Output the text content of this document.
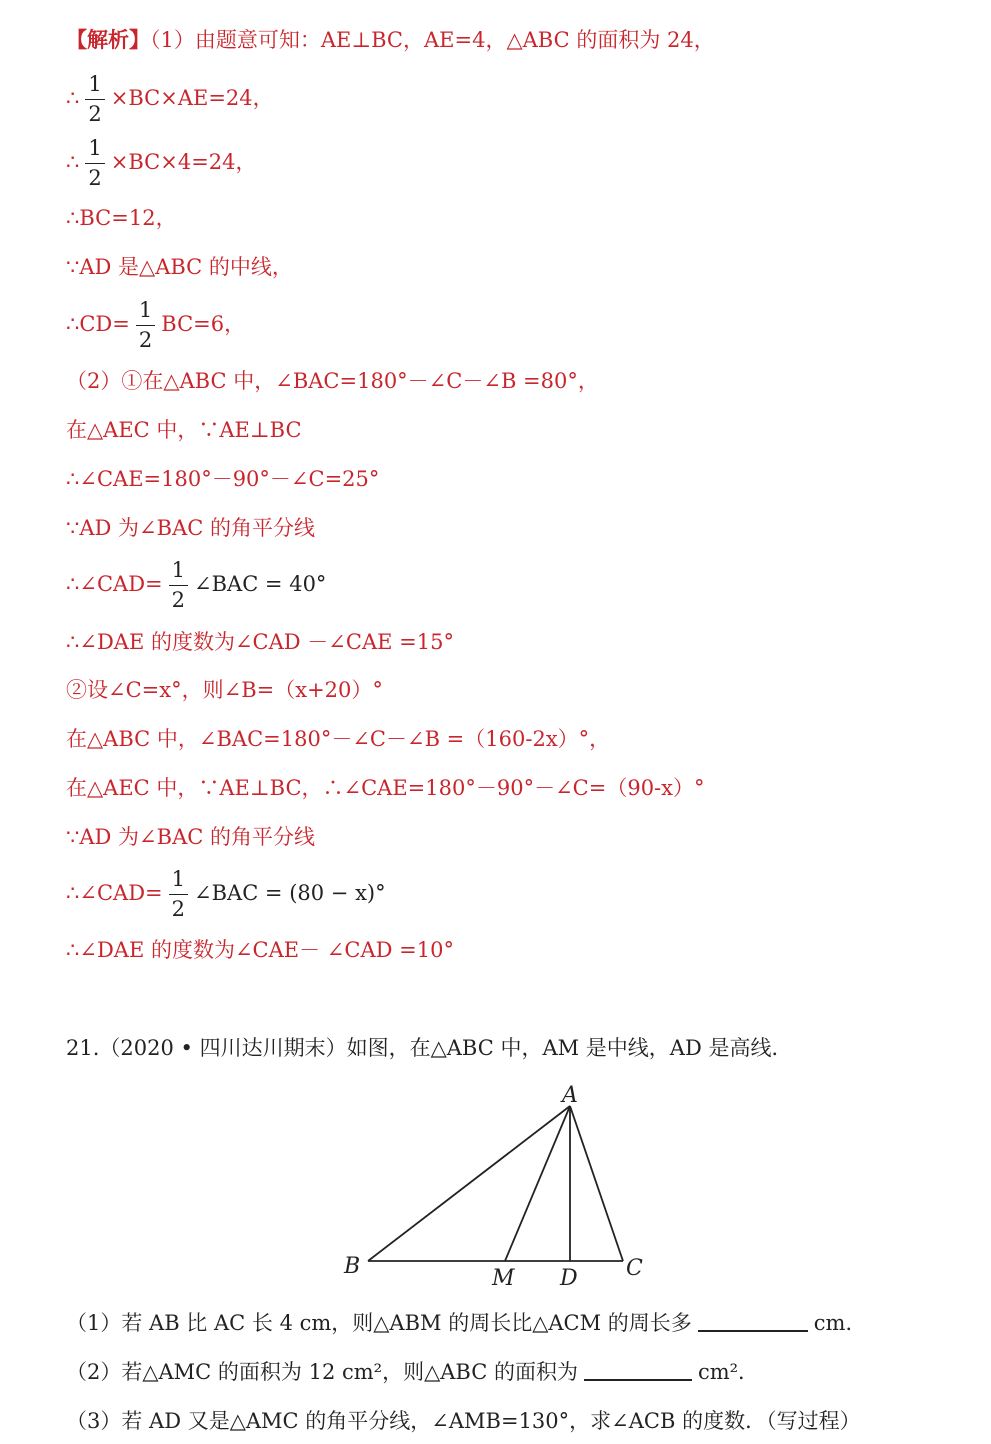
【解析】（1）由题意可知：AE⊥BC，AE=4，△ABC 的面积为 24，
∴ $\frac{1}{2} \times BC\times AE=24$，
∴ $\frac{1}{2} \times BC\times 4=24$，
∴BC=12，
∵AD 是△ABC 的中线，
∴CD= $\frac{1}{2} BC=6$，
（2）①在△ABC 中，∠BAC=180°－∠C－∠B =80°，
在△AEC 中，∵AE⊥BC
∴∠CAE=180°－90°－∠C=25°
∵AD 为∠BAC 的角平分线
∴∠CAD= $\frac{1}{2}$ ∠BAC = 40°
∴∠DAE 的度数为∠CAD －∠CAE =15°
②设∠C=x°，则∠B=（x+20）°
在△ABC 中，∠BAC=180°－∠C－∠B =（160-2x）°，
在△AEC 中，∵AE⊥BC，∴∠CAE=180°－90°－∠C=（90-x）°
∵AD 为∠BAC 的角平分线
∴∠CAD= $\frac{1}{2}$ ∠BAC = (80 − x)°
∴∠DAE 的度数为∠CAE－ ∠CAD =10°
21.（2020 • 四川达川期末）如图，在△ABC 中，AM 是中线，AD 是高线．
A
B	M D C
（1）若 AB 比 AC 长 4 cm，则△ABM 的周长比△ACM 的周长多	cm．
（2）若△AMC 的面积为 12 cm²，则△ABC 的面积为	cm²．
（3）若 AD 又是△AMC 的角平分线，∠AMB=130°，求∠ACB 的度数．（写过程）
